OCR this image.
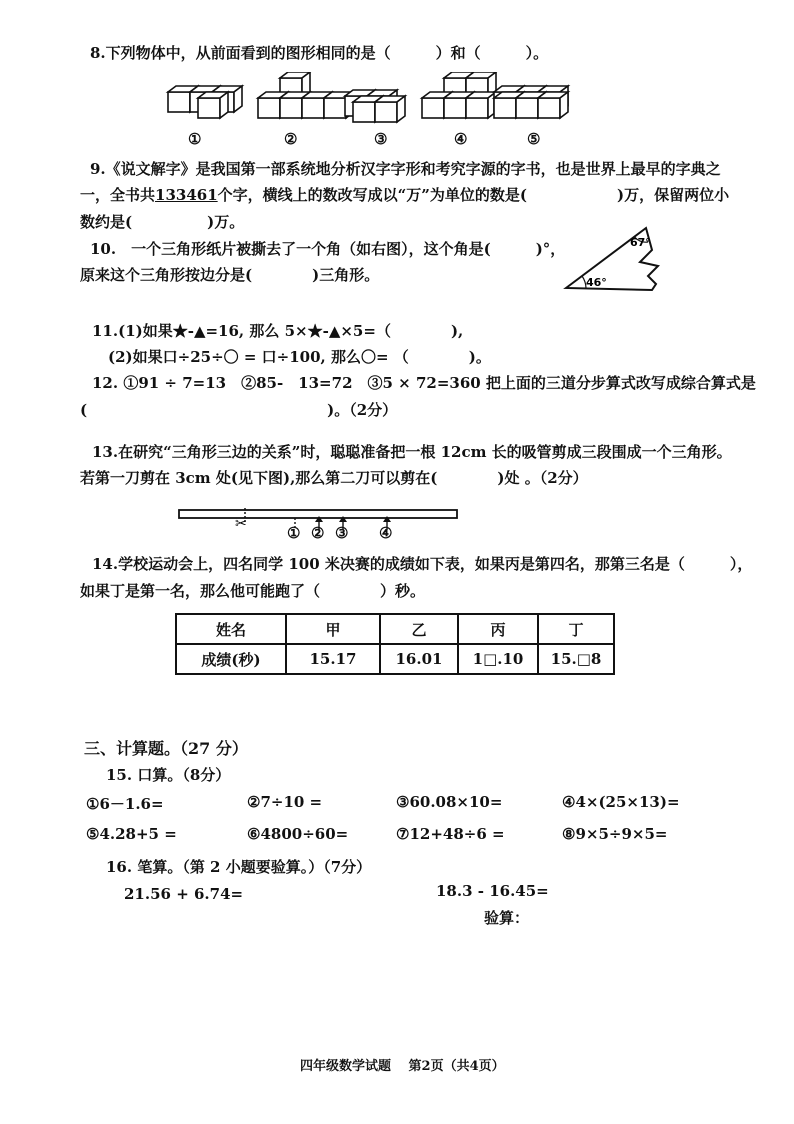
8.下列物体中，从前面看到的图形相同的是（　　　）和（　　　）。
①	②	③	④	⑤
9.《说文解字》是我国第一部系统地分析汉字字形和考究字源的字书，也是世界上最早的字典之
一，全书共133461个字，横线上的数改写成以“万”为单位的数是(　　　　　　)万，保留两位小
数约是(　　　　　)万。
10.　一个三角形纸片被撕去了一个角（如右图），这个角是(　　　)°，
原来这个三角形按边分是(　　　　)三角形。
67°
46°
11.(1)如果★-▲=16, 那么 5×★-▲×5=（　　　　),
(2)如果口÷25÷〇 = 口÷100, 那么〇= （　　　　)。
12. ①91 ÷ 7=13　②85-　13=72　③5 × 72=360 把上面的三道分步算式改写成综合算式是
(　　　　　　　　　　　　　　　　)。（2分）
13.在研究“三角形三边的关系”时，聪聪准备把一根 12cm 长的吸管剪成三段围成一个三角形。
若第一刀剪在 3cm 处(见下图),那么第二刀可以剪在(　　　　)处 。（2分）
✂	① ② ③ ④
14.学校运动会上，四名同学 100 米决赛的成绩如下表，如果丙是第四名，那第三名是（　　　），
如果丁是第一名，那么他可能跑了（　　　　）秒。
姓名	甲	乙	丙	丁
成绩(秒)	15.17	16.01	1□.10	15.□8
三、计算题。（27 分）
15. 口算。（8分）
①6－1.6=	②7÷10 =	③60.08×10=	④4×(25×13)=
⑤4.28+5 =	⑥4800÷60=	⑦12+48÷6 =	⑧9×5÷9×5=
16. 笔算。（第 2 小题要验算。）（7分）
21.56 + 6.74=	18.3 - 16.45=
验算：
四年级数学试题　 第2页（共4页）
